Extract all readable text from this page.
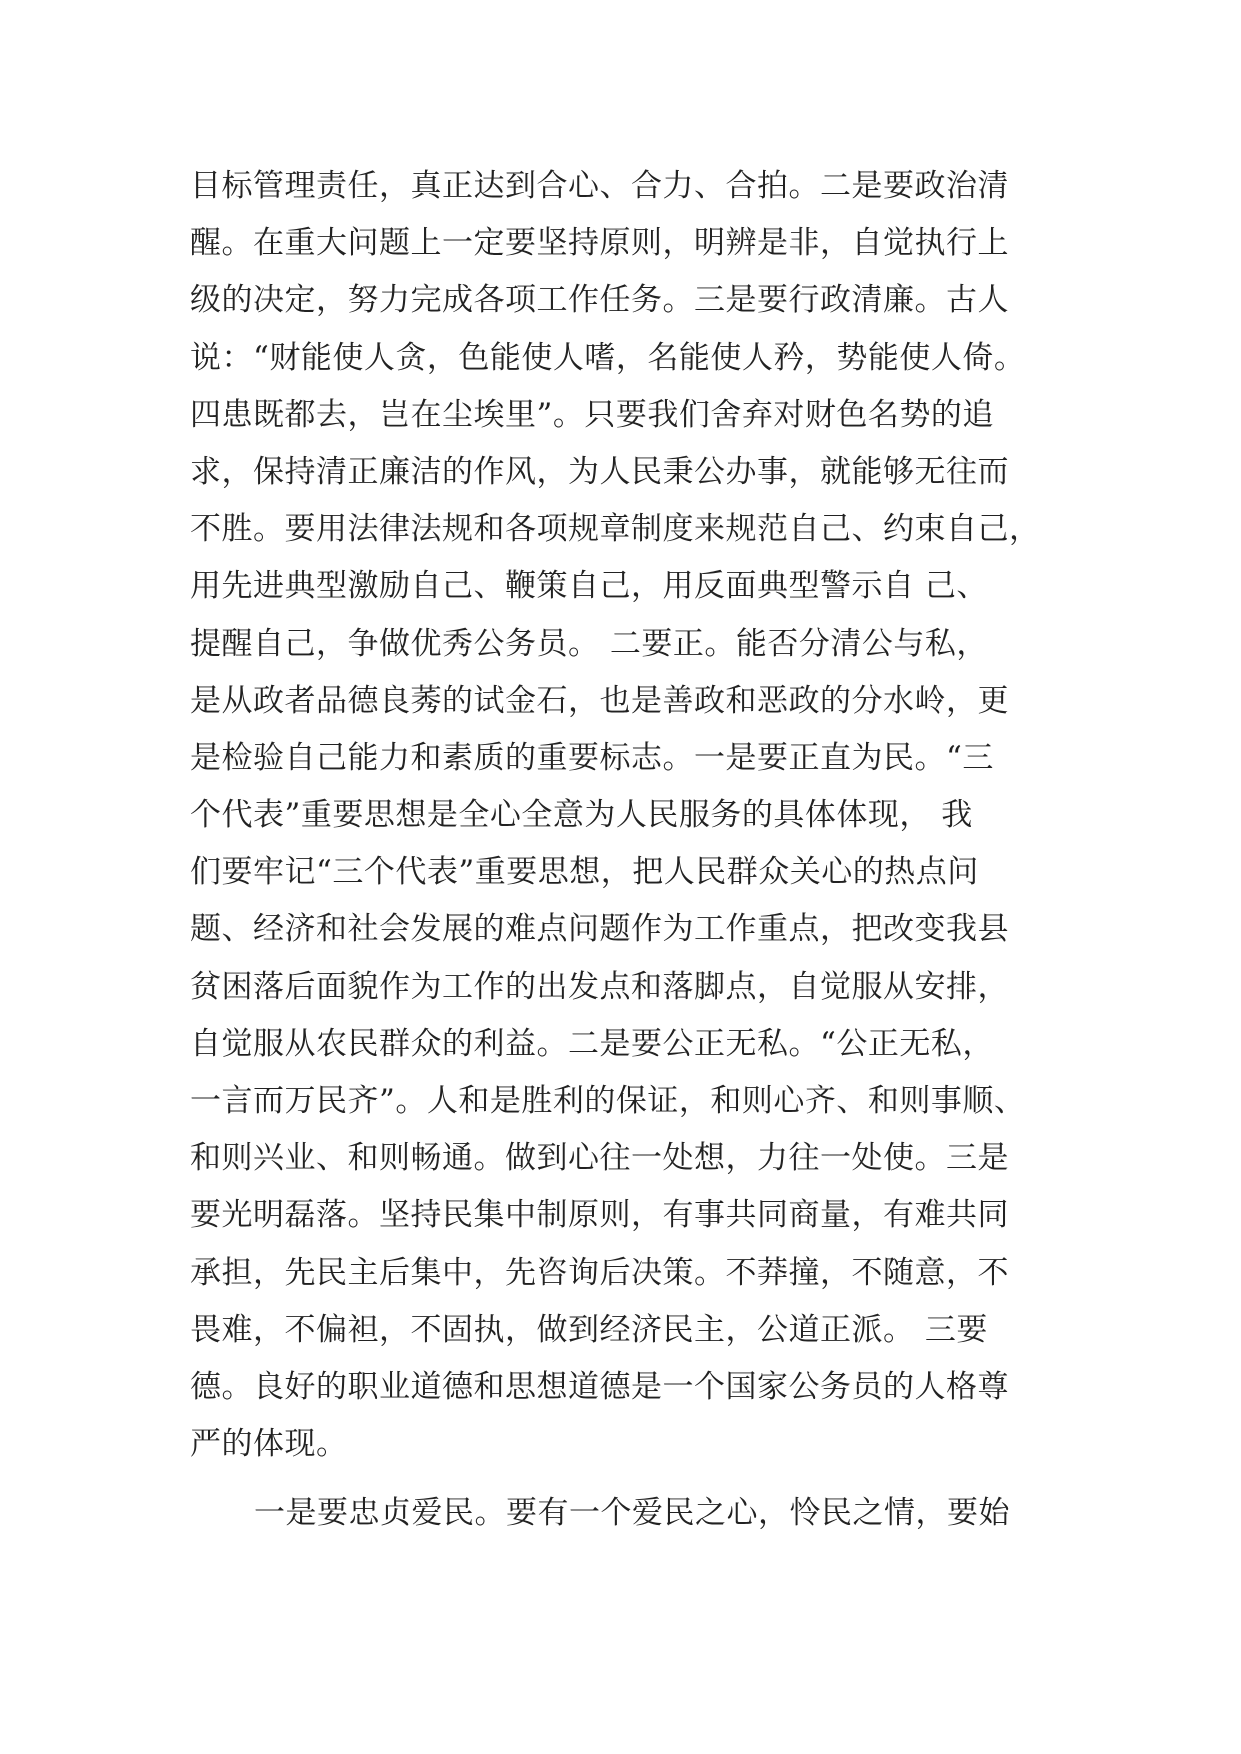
目标管理责任，真正达到合心、合力、合拍。二是要政治清
醒。在重大问题上一定要坚持原则，明辨是非，自觉执行上
级的决定，努力完成各项工作任务。三是要行政清廉。古人
说：“财能使人贪，色能使人嗜，名能使人矜，势能使人倚。
四患既都去，岂在尘埃里”。只要我们舍弃对财色名势的追
求，保持清正廉洁的作风，为人民秉公办事，就能够无往而
不胜。要用法律法规和各项规章制度来规范自己、约束自己，
用先进典型激励自己、鞭策自己，用反面典型警示自 己、
提醒自己，争做优秀公务员。 二要正。能否分清公与私，
是从政者品德良莠的试金石，也是善政和恶政的分水岭，更
是检验自己能力和素质的重要标志。一是要正直为民。“三
个代表”重要思想是全心全意为人民服务的具体体现， 我
们要牢记“三个代表”重要思想，把人民群众关心的热点问
题、经济和社会发展的难点问题作为工作重点，把改变我县
贫困落后面貌作为工作的出发点和落脚点，自觉服从安排，
自觉服从农民群众的利益。二是要公正无私。“公正无私，
一言而万民齐”。人和是胜利的保证，和则心齐、和则事顺、
和则兴业、和则畅通。做到心往一处想，力往一处使。三是
要光明磊落。坚持民集中制原则，有事共同商量，有难共同
承担，先民主后集中，先咨询后决策。不莽撞，不随意，不
畏难，不偏袒，不固执，做到经济民主，公道正派。 三要
德。良好的职业道德和思想道德是一个国家公务员的人格尊
严的体现。
一是要忠贞爱民。要有一个爱民之心，怜民之情，要始
